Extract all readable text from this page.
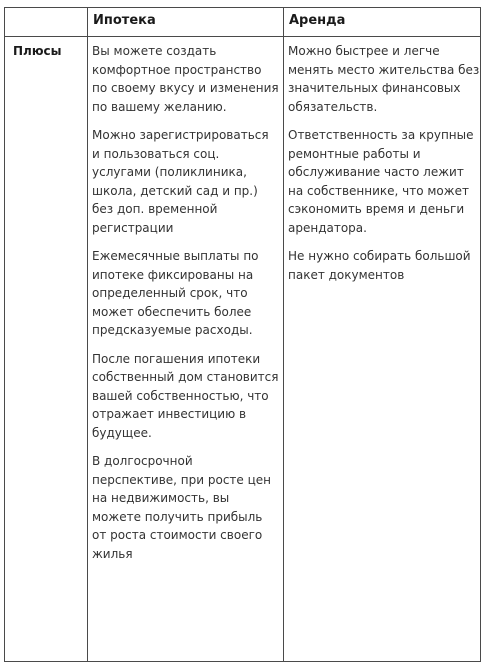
Ипотека	Аренда
Плюсы	Вы можете создать комфортное пространство по своему вкусу и изменения по вашему желанию.

Можно зарегистрироваться и пользоваться соц. услугами (поликлиника, школа, детский сад и пр.) без доп. временной регистрации

Ежемесячные выплаты по ипотеке фиксированы на определенный срок, что может обеспечить более предсказуемые расходы.

После погашения ипотеки собственный дом становится вашей собственностью, что отражает инвестицию в будущее.

В долгосрочной перспективе, при росте цен на недвижимость, вы можете получить прибыль от роста стоимости своего жилья

Можно быстрее и легче менять место жительства без значительных финансовых обязательств.

Ответственность за крупные ремонтные работы и обслуживание часто лежит на собственнике, что может сэкономить время и деньги арендатора.

Не нужно собирать большой пакет документов
